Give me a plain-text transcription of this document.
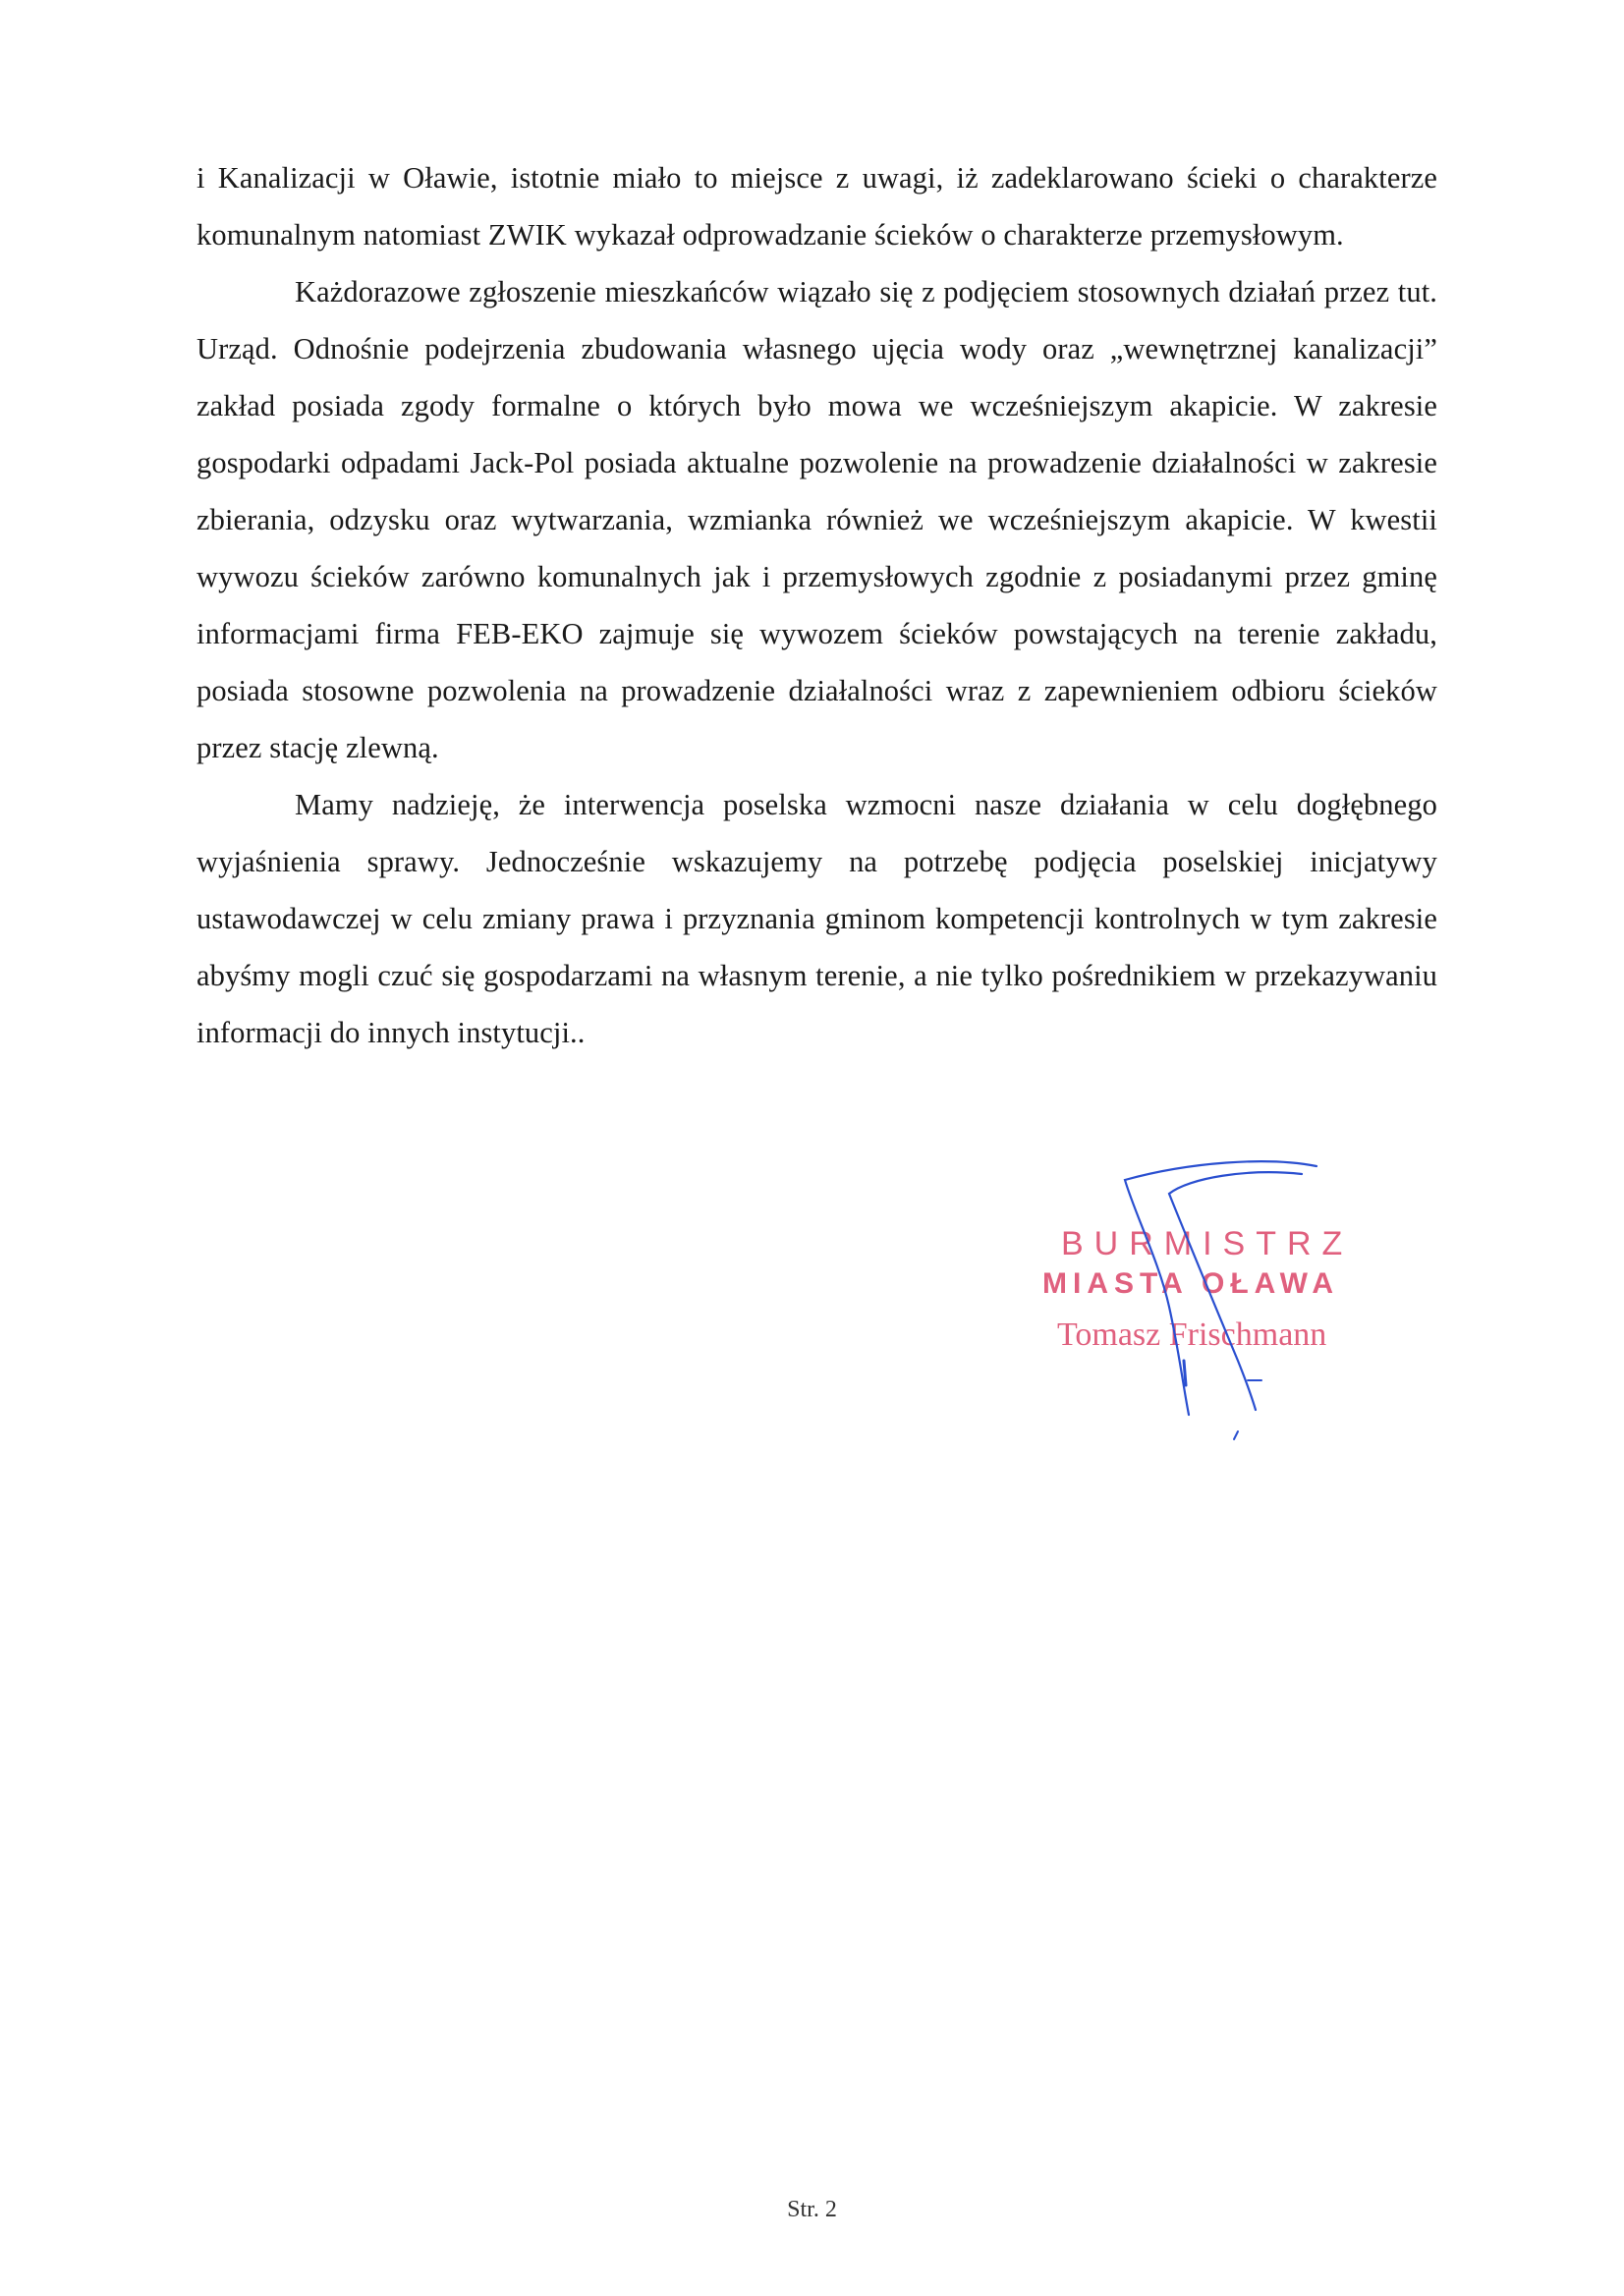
i Kanalizacji w Oławie, istotnie miało to miejsce z uwagi, iż zadeklarowano ścieki o charakterze komunalnym natomiast ZWIK wykazał odprowadzanie ścieków o charakterze przemysłowym.

Każdorazowe zgłoszenie mieszkańców wiązało się z podjęciem stosownych działań przez tut. Urząd. Odnośnie podejrzenia zbudowania własnego ujęcia wody oraz „wewnętrznej kanalizacji” zakład posiada zgody formalne o których było mowa we wcześniejszym akapicie. W zakresie gospodarki odpadami Jack-Pol posiada aktualne pozwolenie na prowadzenie działalności w zakresie zbierania, odzysku oraz wytwarzania, wzmianka również we wcześniejszym akapicie. W kwestii wywozu ścieków zarówno komunalnych jak i przemysłowych zgodnie z posiadanymi przez gminę informacjami firma FEB-EKO zajmuje się wywozem ścieków powstających na terenie zakładu, posiada stosowne pozwolenia na prowadzenie działalności wraz z zapewnieniem odbioru ścieków przez stację zlewną.

Mamy nadzieję, że interwencja poselska wzmocni nasze działania w celu dogłębnego wyjaśnienia sprawy. Jednocześnie wskazujemy na potrzebę podjęcia poselskiej inicjatywy ustawodawczej w celu zmiany prawa i przyznania gminom kompetencji kontrolnych w tym zakresie abyśmy mogli czuć się gospodarzami na własnym terenie, a nie tylko pośrednikiem w przekazywaniu informacji do innych instytucji..

BURMISTRZ
MIASTA OŁAWA
Tomasz Frischmann
Str. 2
